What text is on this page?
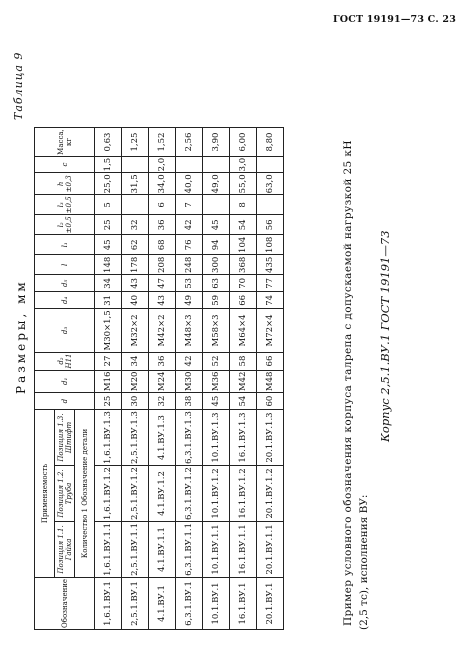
ГОСТ 19191—73 С. 23
Размеры, мм
Таблица 9
Обозначение	Применяемость			d	d₁	d₂ H11	d₃	d₄	d₅	l	l₁	l₂ ±0,5	l₃ ±0,5	h ±0,3	c	Масса, кг
	Позиция 1.1. Гайка	Позиция 1.2. Труба	Позиция 1.3. Штифт													
	Количество 1 Обозначение детали															
1,6.1.ВУ.1	1,6.1.ВУ.1.1	1,6.1.ВУ.1.2	1,6.1.ВУ.1.3	25	М16	27	М30×1,5	31	34	148	45	25	5	25,0	1,5	0,63
2,5.1.ВУ.1	2,5.1.ВУ.1.1	2,5.1.ВУ.1.2	2,5.1.ВУ.1.3	30	М20	34	М32×2	40	43	178	62	32		31,5		1,25
4.1.ВУ.1	4.1.ВУ.1.1	4.1.ВУ.1.2	4.1.ВУ.1.3	32	М24	36	М42×2	43	47	208	68	36	6	34,0	2,0	1,52
6,3.1.ВУ.1	6,3.1.ВУ.1.1	6,3.1.ВУ.1.2	6,3.1.ВУ.1.3	38	М30	42	М48×3	49	53	248	76	42	7	40,0		2,56
10.1.ВУ.1	10.1.ВУ.1.1	10.1.ВУ.1.2	10.1.ВУ.1.3	45	М36	52	М58×3	59	63	300	94	45		49,0		3,90
16.1.ВУ.1	16.1.ВУ.1.1	16.1.ВУ.1.2	16.1.ВУ.1.3	54	М42	58	М64×4	66	70	368	104	54	8	55,0	3,0	6,00
20.1.ВУ.1	20.1.ВУ.1.1	20.1.ВУ.1.2	20.1.ВУ.1.3	60	М48	66	М72×4	74	77	435	108	56		63,0		8,80	Пример условного обозначения корпуса талрепа с допускаемой нагрузкой 25 кН (2,5 тс), исполнения ВУ:
Корпус 2,5.1.ВУ.1 ГОСТ 19191—73
